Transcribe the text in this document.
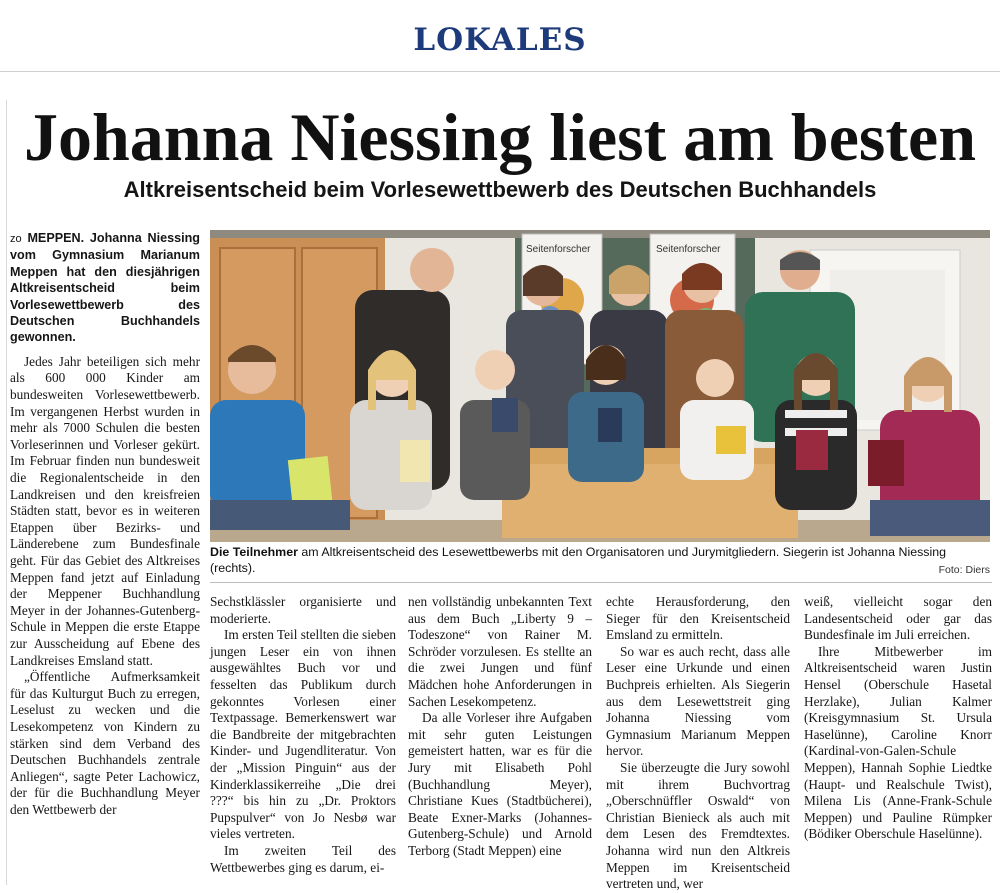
LOKALES
Johanna Niessing liest am besten
Altkreisentscheid beim Vorlesewettbewerb des Deutschen Buchhandels

zo MEPPEN. Johanna Niessing vom Gymnasium Marianum Meppen hat den diesjährigen Altkreisentscheid beim Vorlesewettbewerb des Deutschen Buchhandels gewonnen.

Jedes Jahr beteiligen sich mehr als 600 000 Kinder am bundesweiten Vorlesewettbewerb. Im vergangenen Herbst wurden in mehr als 7000 Schulen die besten Vorleserinnen und Vorleser gekürt. Im Februar finden nun bundesweit die Regionalentscheide in den Landkreisen und den kreisfreien Städten statt, bevor es in weiteren Etappen über Bezirks- und Länderebene zum Bundesfinale geht. Für das Gebiet des Altkreises Meppen fand jetzt auf Einladung der Meppener Buchhandlung Meyer in der Johannes-Gutenberg-Schule in Meppen die erste Etappe zur Ausscheidung auf Ebene des Landkreises Emsland statt.

„Öffentliche Aufmerksamkeit für das Kulturgut Buch zu erregen, Leselust zu wecken und die Lesekompetenz von Kindern zu stärken sind dem Verband des Deutschen Buchhandels zentrale Anliegen“, sagte Peter Lachowicz, der für die Buchhandlung Meyer den Wettbewerb der

Seitenforscher	Seitenforscher
Die Teilnehmer am Altkreisentscheid des Lesewettbewerbs mit den Organisatoren und Jurymitgliedern. Siegerin ist Johanna Niessing (rechts).	Foto: Diers

Sechstklässler organisierte und moderierte.

Im ersten Teil stellten die sieben jungen Leser ein von ihnen ausgewähltes Buch vor und fesselten das Publikum durch gekonntes Vorlesen einer Textpassage. Bemerkenswert war die Bandbreite der mitgebrachten Kinder- und Jugendliteratur. Von der „Mission Pinguin“ aus der Kinderklassikerreihe „Die drei ???“ bis hin zu „Dr. Proktors Pupspulver“ von Jo Nesbø war vieles vertreten.

Im zweiten Teil des Wettbewerbes ging es darum, ei-

nen vollständig unbekannten Text aus dem Buch „Liberty 9 – Todeszone“ von Rainer M. Schröder vorzulesen. Es stellte an die zwei Jungen und fünf Mädchen hohe Anforderungen in Sachen Lesekompetenz.

Da alle Vorleser ihre Aufgaben mit sehr guten Leistungen gemeistert hatten, war es für die Jury mit Elisabeth Pohl (Buchhandlung Meyer), Christiane Kues (Stadtbücherei), Beate Exner-Marks (Johannes-Gutenberg-Schule) und Arnold Terborg (Stadt Meppen) eine

echte Herausforderung, den Sieger für den Kreisentscheid Emsland zu ermitteln.

So war es auch recht, dass alle Leser eine Urkunde und einen Buchpreis erhielten. Als Siegerin aus dem Lesewettstreit ging Johanna Niessing vom Gymnasium Marianum Meppen hervor.

Sie überzeugte die Jury sowohl mit ihrem Buchvortrag „Oberschnüffler Oswald“ von Christian Bienieck als auch mit dem Lesen des Fremdtextes. Johanna wird nun den Altkreis Meppen im Kreisentscheid vertreten und, wer

weiß, vielleicht sogar den Landesentscheid oder gar das Bundesfinale im Juli erreichen.

Ihre Mitbewerber im Altkreisentscheid waren Justin Hensel (Oberschule Hasetal Herzlake), Julian Kalmer (Kreisgymnasium St. Ursula Haselünne), Caroline Knorr (Kardinal-von-Galen-Schule Meppen), Hannah Sophie Liedtke (Haupt- und Realschule Twist), Milena Lis (Anne-Frank-Schule Meppen) und Pauline Rümpker (Bödiker Oberschule Haselünne).
